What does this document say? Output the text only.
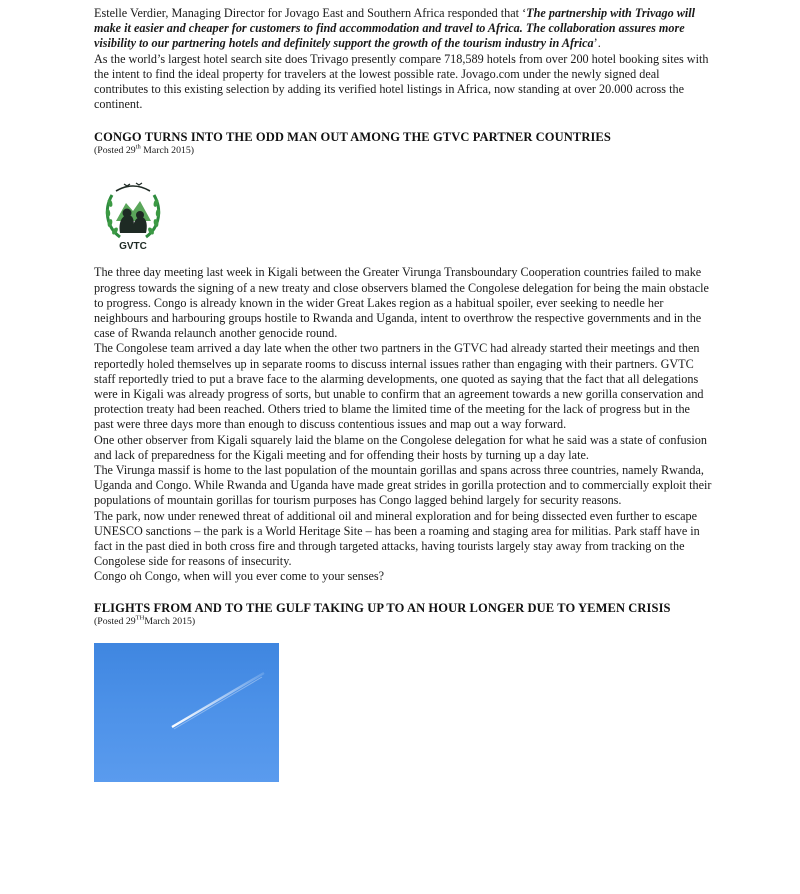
Estelle Verdier, Managing Director for Jovago East and Southern Africa responded that ‘The partnership with Trivago will make it easier and cheaper for customers to find accommodation and travel to Africa. The collaboration assures more visibility to our partnering hotels and definitely support the growth of the tourism industry in Africa’.

As the world’s largest hotel search site does Trivago presently compare 718,589 hotels from over 200 hotel booking sites with the intent to find the ideal property for travelers at the lowest possible rate. Jovago.com under the newly signed deal contributes to this existing selection by adding its verified hotel listings in Africa, now standing at over 20.000 across the continent.

CONGO TURNS INTO THE ODD MAN OUT AMONG THE GTVC PARTNER COUNTRIES

(Posted 29th March 2015)

GVTC

The three day meeting last week in Kigali between the Greater Virunga Transboundary Cooperation countries failed to make progress towards the signing of a new treaty and close observers blamed the Congolese delegation for being the main obstacle to progress. Congo is already known in the wider Great Lakes region as a habitual spoiler, ever seeking to needle her neighbours and harbouring groups hostile to Rwanda and Uganda, intent to overthrow the respective governments and in the case of Rwanda relaunch another genocide round.

The Congolese team arrived a day late when the other two partners in the GTVC had already started their meetings and then reportedly holed themselves up in separate rooms to discuss internal issues rather than engaging with their partners. GVTC staff reportedly tried to put a brave face to the alarming developments, one quoted as saying that the fact that all delegations were in Kigali was already progress of sorts, but unable to confirm that an agreement towards a new gorilla conservation and protection treaty had been reached. Others tried to blame the limited time of the meeting for the lack of progress but in the past were three days more than enough to discuss contentious issues and map out a way forward.

One other observer from Kigali squarely laid the blame on the Congolese delegation for what he said was a state of confusion and lack of preparedness for the Kigali meeting and for offending their hosts by turning up a day late.

The Virunga massif is home to the last population of the mountain gorillas and spans across three countries, namely Rwanda, Uganda and Congo. While Rwanda and Uganda have made great strides in gorilla protection and to commercially exploit their populations of mountain gorillas for tourism purposes has Congo lagged behind largely for security reasons.

The park, now under renewed threat of additional oil and mineral exploration and for being dissected even further to escape UNESCO sanctions – the park is a World Heritage Site – has been a roaming and staging area for militias. Park staff have in fact in the past died in both cross fire and through targeted attacks, having tourists largely stay away from tracking on the Congolese side for reasons of insecurity.

Congo oh Congo, when will you ever come to your senses?

FLIGHTS FROM AND TO THE GULF TAKING UP TO AN HOUR LONGER DUE TO YEMEN CRISIS

(Posted 29THMarch 2015)
